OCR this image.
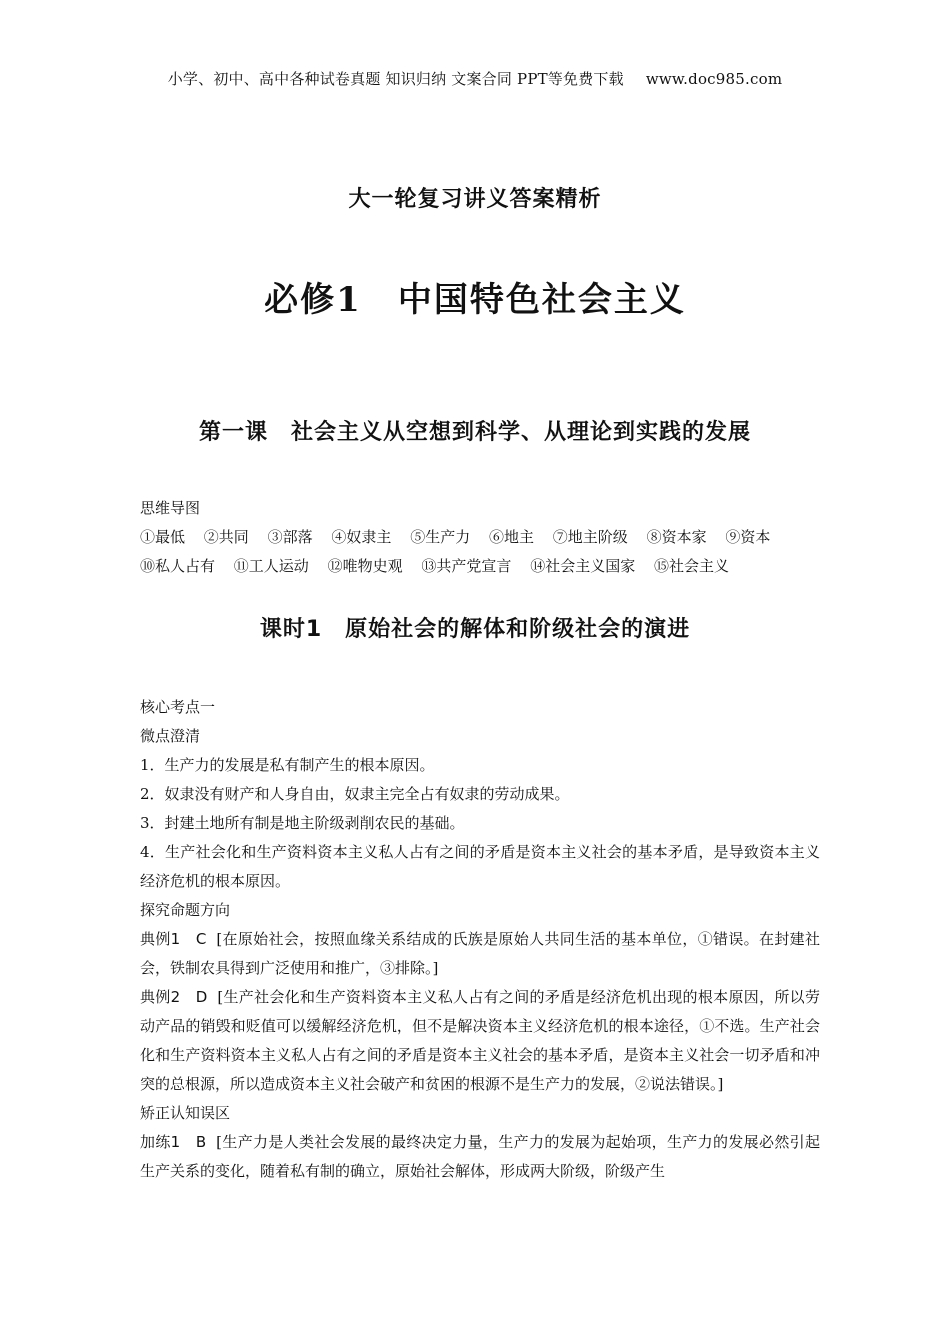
小学、初中、高中各种试卷真题 知识归纳 文案合同 PPT等免费下载 www.doc985.com
大一轮复习讲义答案精析
必修1　中国特色社会主义
第一课　社会主义从空想到科学、从理论到实践的发展
思维导图
①最低 ②共同 ③部落 ④奴隶主 ⑤生产力 ⑥地主 ⑦地主阶级 ⑧资本家 ⑨资本
⑩私人占有 ⑪工人运动 ⑫唯物史观 ⑬共产党宣言 ⑭社会主义国家 ⑮社会主义
课时1　原始社会的解体和阶级社会的演进
核心考点一
微点澄清
1．生产力的发展是私有制产生的根本原因。
2．奴隶没有财产和人身自由，奴隶主完全占有奴隶的劳动成果。
3．封建土地所有制是地主阶级剥削农民的基础。
4．生产社会化和生产资料资本主义私人占有之间的矛盾是资本主义社会的基本矛盾，是导致资本主义经济危机的根本原因。
探究命题方向
典例1　C [在原始社会，按照血缘关系结成的氏族是原始人共同生活的基本单位，①错误。在封建社会，铁制农具得到广泛使用和推广，③排除。]
典例2　D [生产社会化和生产资料资本主义私人占有之间的矛盾是经济危机出现的根本原因，所以劳动产品的销毁和贬值可以缓解经济危机，但不是解决资本主义经济危机的根本途径，①不选。生产社会化和生产资料资本主义私人占有之间的矛盾是资本主义社会的基本矛盾，是资本主义社会一切矛盾和冲突的总根源，所以造成资本主义社会破产和贫困的根源不是生产力的发展，②说法错误。]
矫正认知误区
加练1　B [生产力是人类社会发展的最终决定力量，生产力的发展为起始项，生产力的发展必然引起生产关系的变化，随着私有制的确立，原始社会解体，形成两大阶级，阶级产生
